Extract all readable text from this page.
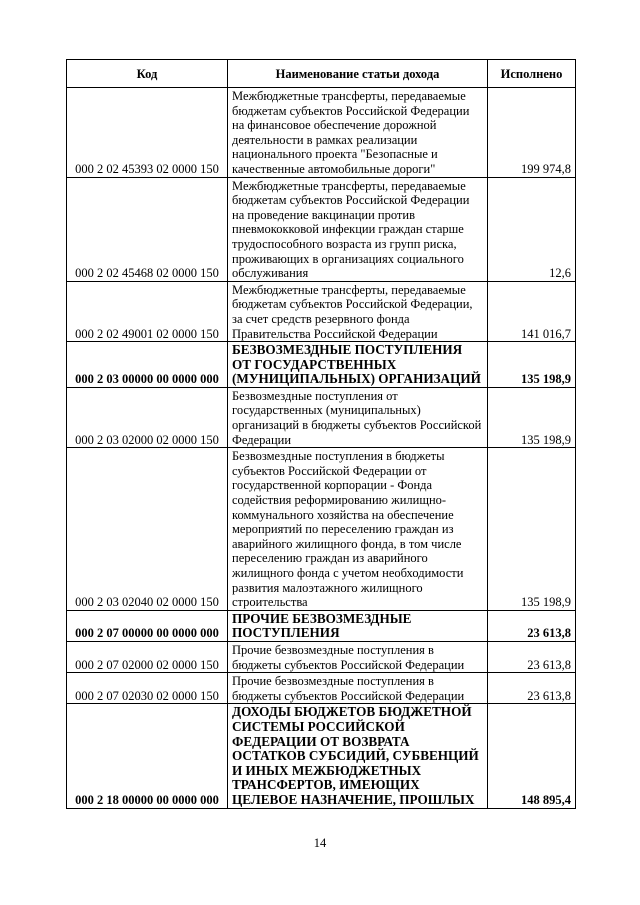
Код	Наименование статьи дохода	Исполнено
000 2 02 45393 02 0000 150	Межбюджетные трансферты, передаваемые бюджетам субъектов Российской Федерации на финансовое обеспечение дорожной деятельности в рамках реализации национального проекта "Безопасные и качественные автомобильные дороги"	199 974,8
000 2 02 45468 02 0000 150	Межбюджетные трансферты, передаваемые бюджетам субъектов Российской Федерации на проведение вакцинации против пневмококковой инфекции граждан старше трудоспособного возраста из групп риска, проживающих в организациях социального обслуживания	12,6
000 2 02 49001 02 0000 150	Межбюджетные трансферты, передаваемые бюджетам субъектов Российской Федерации, за счет средств резервного фонда Правительства Российской Федерации	141 016,7
000 2 03 00000 00 0000 000	БЕЗВОЗМЕЗДНЫЕ ПОСТУПЛЕНИЯ ОТ ГОСУДАРСТВЕННЫХ (МУНИЦИПАЛЬНЫХ) ОРГАНИЗАЦИЙ	135 198,9
000 2 03 02000 02 0000 150	Безвозмездные поступления от государственных (муниципальных) организаций в бюджеты субъектов Российской Федерации	135 198,9
000 2 03 02040 02 0000 150	Безвозмездные поступления в бюджеты субъектов Российской Федерации от государственной корпорации - Фонда содействия реформированию жилищно-коммунального хозяйства на обеспечение мероприятий по переселению граждан из аварийного жилищного фонда, в том числе переселению граждан из аварийного жилищного фонда с учетом необходимости развития малоэтажного жилищного строительства	135 198,9
000 2 07 00000 00 0000 000	ПРОЧИЕ БЕЗВОЗМЕЗДНЫЕ ПОСТУПЛЕНИЯ	23 613,8
000 2 07 02000 02 0000 150	Прочие безвозмездные поступления в бюджеты субъектов Российской Федерации	23 613,8
000 2 07 02030 02 0000 150	Прочие безвозмездные поступления в бюджеты субъектов Российской Федерации	23 613,8
000 2 18 00000 00 0000 000	ДОХОДЫ БЮДЖЕТОВ БЮДЖЕТНОЙ СИСТЕМЫ РОССИЙСКОЙ ФЕДЕРАЦИИ ОТ ВОЗВРАТА ОСТАТКОВ СУБСИДИЙ, СУБВЕНЦИЙ И ИНЫХ МЕЖБЮДЖЕТНЫХ ТРАНСФЕРТОВ, ИМЕЮЩИХ ЦЕЛЕВОЕ НАЗНАЧЕНИЕ, ПРОШЛЫХ	148 895,4
14
